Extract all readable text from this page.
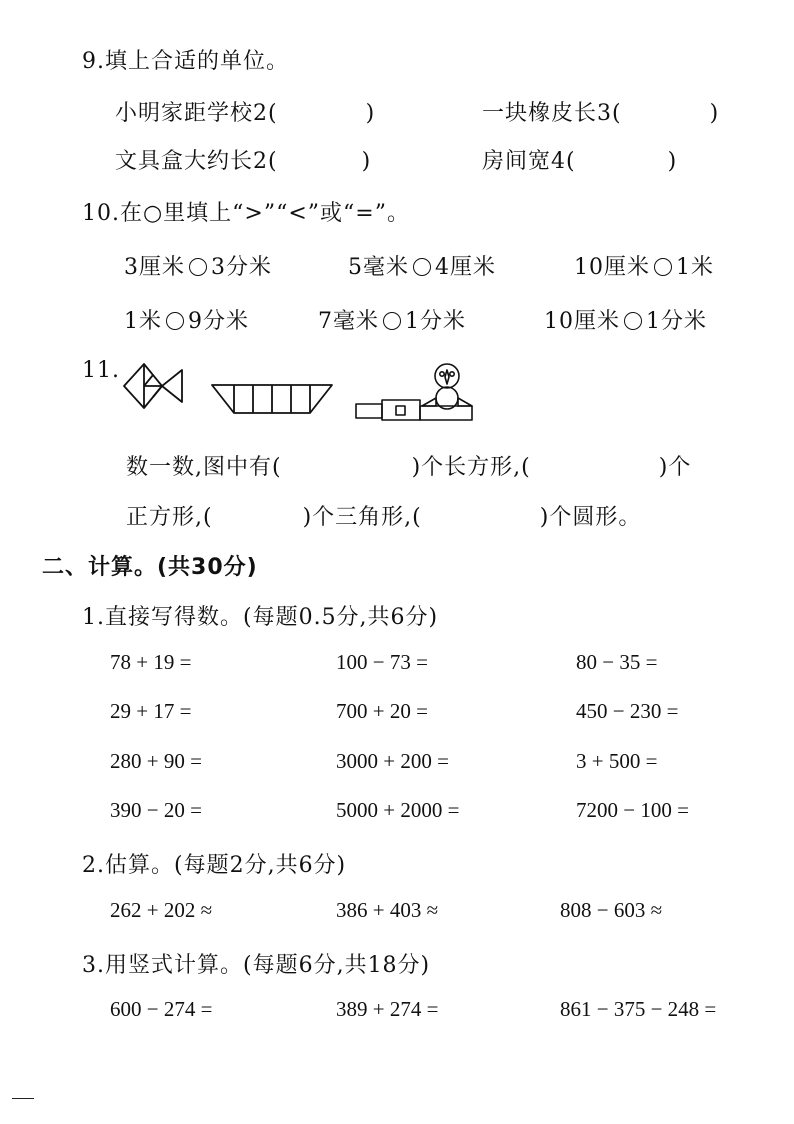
9.填上合适的单位。
小明家距学校2(	)	一块橡皮长3(	)
文具盒大约长2(	)	房间宽4(	)
10.在○里填上“>”“<”或“=”。
3厘米 3分米	5毫米 4厘米	10厘米 1米
1米 9分米	7毫米 1分米	10厘米 1分米
11.
数一数,图中有(	)个长方形,(	)个
正方形,(	)个三角形,(	)个圆形。
二、计算。(共30分)
1.直接写得数。(每题0.5分,共6分)
78 + 19 =	100 − 73 =	80 − 35 =
29 + 17 =	700 + 20 =	450 − 230 =
280 + 90 =	3000 + 200 =	3 + 500 =
390 − 20 =	5000 + 2000 =	7200 − 100 =
2.估算。(每题2分,共6分)
262 + 202 ≈	386 + 403 ≈	808 − 603 ≈
3.用竖式计算。(每题6分,共18分)
600 − 274 =	389 + 274 =	861 − 375 − 248 =
